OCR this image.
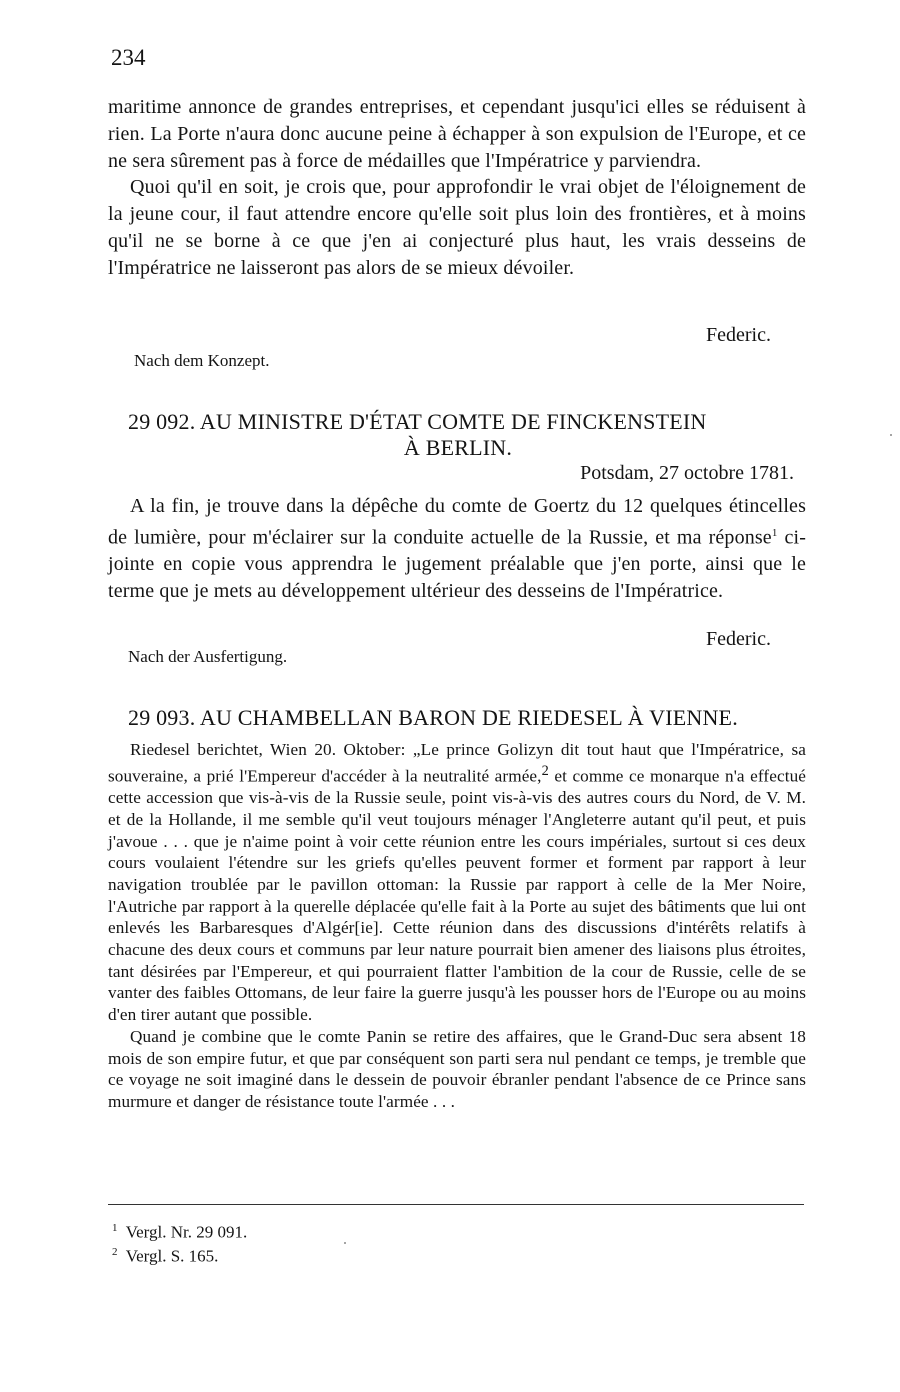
234

maritime annonce de grandes entreprises, et cependant jusqu'ici elles se réduisent à rien. La Porte n'aura donc aucune peine à échapper à son expulsion de l'Europe, et ce ne sera sûrement pas à force de médailles que l'Impératrice y parviendra.

Quoi qu'il en soit, je crois que, pour approfondir le vrai objet de l'éloignement de la jeune cour, il faut attendre encore qu'elle soit plus loin des frontières, et à moins qu'il ne se borne à ce que j'en ai conjecturé plus haut, les vrais desseins de l'Impératrice ne laisseront pas alors de se mieux dévoiler.

Federic.
Nach dem Konzept.
29 092. AU MINISTRE D'ÉTAT COMTE DE FINCKENSTEIN
À BERLIN.
Potsdam, 27 octobre 1781.
A la fin, je trouve dans la dépêche du comte de Goertz du 12 quelques étincelles de lumière, pour m'éclairer sur la conduite actuelle de la Russie, et ma réponse$^1$ ci-jointe en copie vous apprendra le jugement préalable que j'en porte, ainsi que le terme que je mets au développement ultérieur des desseins de l'Impératrice.
Federic.
Nach der Ausfertigung.
29 093. AU CHAMBELLAN BARON DE RIEDESEL À VIENNE.

Riedesel berichtet, Wien 20. Oktober: „Le prince Golizyn dit tout haut que l'Impératrice, sa souveraine, a prié l'Empereur d'accéder à la neutralité armée,$^2$ et comme ce monarque n'a effectué cette accession que vis-à-vis de la Russie seule, point vis-à-vis des autres cours du Nord, de V. M. et de la Hollande, il me semble qu'il veut toujours ménager l'Angleterre autant qu'il peut, et puis j'avoue . . . que je n'aime point à voir cette réunion entre les cours impériales, surtout si ces deux cours voulaient l'étendre sur les griefs qu'elles peuvent former et forment par rapport à leur navigation troublée par le pavillon ottoman: la Russie par rapport à celle de la Mer Noire, l'Autriche par rapport à la querelle déplacée qu'elle fait à la Porte au sujet des bâtiments que lui ont enlevés les Barbaresques d'Algér[ie]. Cette réunion dans des discussions d'intérêts relatifs à chacune des deux cours et communs par leur nature pourrait bien amener des liaisons plus étroites, tant désirées par l'Empereur, et qui pourraient flatter l'ambition de la cour de Russie, celle de se vanter des faibles Ottomans, de leur faire la guerre jusqu'à les pousser hors de l'Europe ou au moins d'en tirer autant que possible.

Quand je combine que le comte Panin se retire des affaires, que le Grand-Duc sera absent 18 mois de son empire futur, et que par conséquent son parti sera nul pendant ce temps, je tremble que ce voyage ne soit imaginé dans le dessein de pouvoir ébranler pendant l'absence de ce Prince sans murmure et danger de résistance toute l'armée . . .

$^1$ Vergl. Nr. 29 091.
$^2$ Vergl. S. 165.
